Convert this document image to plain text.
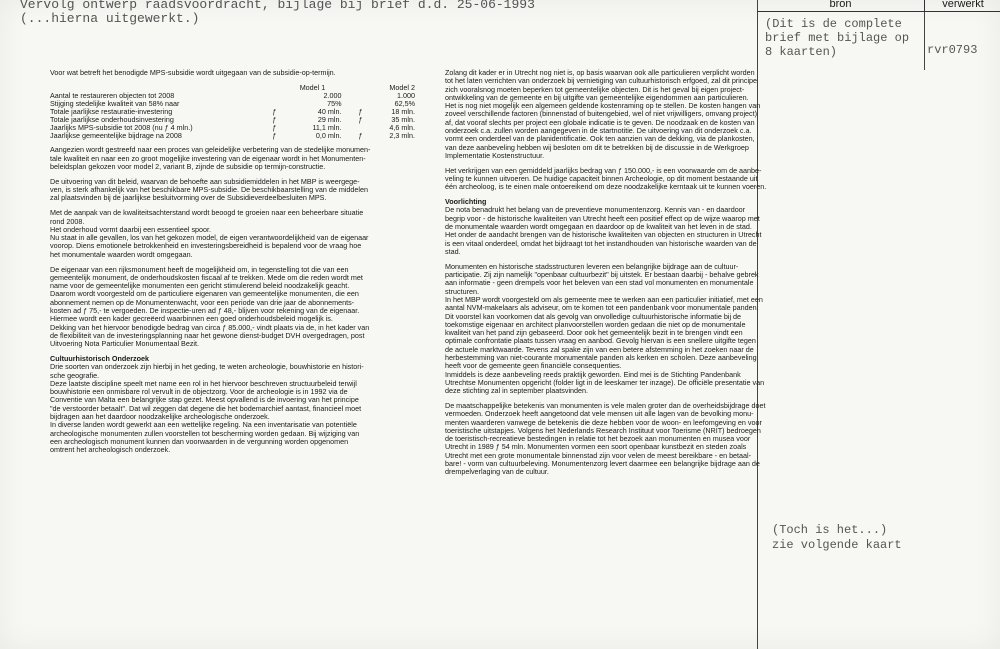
Vervolg ontwerp raadsvoordracht, bijlage bij brief d.d. 25-06-1993
(...hierna uitgewerkt.)
bron	verwerkt
(Dit is de complete
brief met bijlage op
8 kaarten)	rvr0793
(Toch is het...)
zie volgende kaart

Voor wat betreft het benodigde MPS-subsidie wordt uitgegaan van de subsidie-op-termijn.

		Model 1		Model 2
Aantal te restaureren objecten tot 2008		2.000		1.000
Stijging stedelijke kwaliteit van 58% naar		75%		62,5%
Totale jaarlijkse restauratie-investering	ƒ	40 mln.	ƒ	18 mln.
Totale jaarlijkse onderhoudsinvestering	ƒ	29 mln.	ƒ	35 mln.
Jaarlijks MPS-subsidie tot 2008 (nu ƒ 4 mln.)	ƒ	11,1 mln.		4,6 mln.
Jaarlijkse gemeentelijke bijdrage na 2008	ƒ	0,0 mln.	ƒ	2,3 mln.

Aangezien wordt gestreefd naar een proces van geleidelijke verbetering van de stedelijke monumen-
tale kwaliteit en naar een zo groot mogelijke investering van de eigenaar wordt in het Monumenten-
beleidsplan gekozen voor model 2, variant B, zijnde de subsidie op termijn-constructie.

De uitvoering van dit beleid, waarvan de behoefte aan subsidiemiddelen in het MBP is weergege-
ven, is sterk afhankelijk van het beschikbare MPS-subsidie. De beschikbaarstelling van de middelen
zal plaatsvinden bij de jaarlijkse besluitvorming over de Subsidieverdeelbesluiten MPS.

Met de aanpak van de kwaliteitsachterstand wordt beoogd te groeien naar een beheerbare situatie
rond 2008.
Het onderhoud vormt daarbij een essentieel spoor.
Nu staat in alle gevallen, los van het gekozen model, de eigen verantwoordelijkheid van de eigenaar
voorop. Diens emotionele betrokkenheid en investeringsbereidheid is bepalend voor de vraag hoe
het monumentale waarden wordt omgegaan.

De eigenaar van een rijksmonument heeft de mogelijkheid om, in tegenstelling tot die van een
gemeentelijk monument, de onderhoudskosten fiscaal af te trekken. Mede om die reden wordt met
name voor de gemeentelijke monumenten een gericht stimulerend beleid noodzakelijk geacht.
Daarom wordt voorgesteld om de particuliere eigenaren van gemeentelijke monumenten, die een
abonnement nemen op de Monumentenwacht, voor een periode van drie jaar de abonnements-
kosten ad ƒ 75,- te vergoeden. De inspectie-uren ad ƒ 48,- blijven voor rekening van de eigenaar.
Hiermee wordt een kader gecreëerd waarbinnen een goed onderhoudsbeleid mogelijk is.
Dekking van het hiervoor benodigde bedrag van circa ƒ 85.000,- vindt plaats via de, in het kader van
de flexibiliteit van de investeringsplanning naar het gewone dienst-budget DVH overgedragen, post
Uitvoering Nota Particulier Monumentaal Bezit.

Cultuurhistorisch Onderzoek

Drie soorten van onderzoek zijn hierbij in het geding, te weten archeologie, bouwhistorie en histori-
sche geografie.
Deze laatste discipline speelt met name een rol in het hiervoor beschreven structuurbeleid terwijl
bouwhistorie een onmisbare rol vervult in de objectzorg. Voor de archeologie is in 1992 via de
Conventie van Malta een belangrijke stap gezet. Meest opvallend is de invoering van het principe
"de verstoorder betaalt". Dat wil zeggen dat degene die het bodemarchief aantast, financieel moet
bijdragen aan het daardoor noodzakelijke archeologische onderzoek.
In diverse landen wordt gewerkt aan een wettelijke regeling. Na een inventarisatie van potentiële
archeologische monumenten zullen voorstellen tot bescherming worden gedaan. Bij wijziging van
een archeologisch monument kunnen dan voorwaarden in de vergunning worden opgenomen
omtrent het archeologisch onderzoek.

Zolang dit kader er in Utrecht nog niet is, op basis waarvan ook alle particulieren verplicht worden
tot het laten verrichten van onderzoek bij vernietiging van cultuurhistorisch erfgoed, zal dit principe
zich vooralsnog moeten beperken tot gemeentelijke objecten. Dit is het geval bij eigen project-
ontwikkeling van de gemeente en bij uitgifte van gemeentelijke eigendommen aan particulieren.
Het is nog niet mogelijk een algemeen geldende kostenraming op te stellen. De kosten hangen van
zoveel verschillende factoren (binnenstad of buitengebied, wel of niet vrijwilligers, omvang project)
af, dat vooraf slechts per project een globale indicatie is te geven. De noodzaak en de kosten van
onderzoek c.a. zullen worden aangegeven in de startnotitie. De uitvoering van dit onderzoek c.a.
vormt een onderdeel van de planidentificatie. Ook ten aanzien van de dekking, via de plankosten,
van deze aanbeveling hebben wij besloten om dit te betrekken bij de discussie in de Werkgroep
Implementatie Kostenstructuur.

Het verkrijgen van een gemiddeld jaarlijks bedrag van ƒ 150.000,- is een voorwaarde om de aanbe-
veling te kunnen uitvoeren. De huidige capaciteit binnen Archeologie, op dit moment bestaande uit
één archeoloog, is te einen male ontoereikend om deze noodzakelijke kerntaak uit te kunnen voeren.

Voorlichting

De nota benadrukt het belang van de preventieve monumentenzorg. Kennis van - en daardoor
begrip voor - de historische kwaliteiten van Utrecht heeft een positief effect op de wijze waarop met
de monumentale waarden wordt omgegaan en daardoor op de kwaliteit van het leven in de stad.
Het onder de aandacht brengen van de historische kwaliteiten van objecten en structuren in Utrecht
is een vitaal onderdeel, omdat het bijdraagt tot het instandhouden van historische waarden van de
stad.

Monumenten en historische stadsstructuren leveren een belangrijke bijdrage aan de cultuur-
participatie. Zij zijn namelijk "openbaar cultuurbezit" bij uitstek. Er bestaan daarbij - behalve gebrek
aan informatie - geen drempels voor het beleven van een stad vol monumenten en monumentale
structuren.
In het MBP wordt voorgesteld om als gemeente mee te werken aan een particulier initiatief, met een
aantal NVM-makelaars als adviseur, om te komen tot een pandenbank voor monumentale panden.
Dit voorstel kan voorkomen dat als gevolg van onvolledige cultuurhistorische informatie bij de
toekomstige eigenaar en architect planvoorstellen worden gedaan die niet op de monumentale
kwaliteit van het pand zijn gebaseerd. Door ook het gemeentelijk bezit in te brengen vindt een
optimale confrontatie plaats tussen vraag en aanbod. Gevolg hiervan is een snellere uitgifte tegen
de actuele marktwaarde. Tevens zal spake zijn van een betere afstemming in het zoeken naar de
herbestemming van niet-courante monumentale panden als kerken en scholen. Deze aanbeveling
heeft voor de gemeente geen financiële consequenties.
Inmiddels is deze aanbeveling reeds praktijk geworden. Eind mei is de Stichting Pandenbank
Utrechtse Monumenten opgericht (folder ligt in de leeskamer ter inzage). De officiële presentatie van
deze stichting zal in september plaatsvinden.

De maatschappelijke betekenis van monumenten is vele malen groter dan de overheidsbijdrage doet
vermoeden. Onderzoek heeft aangetoond dat vele mensen uit alle lagen van de bevolking monu-
menten waarderen vanwege de betekenis die deze hebben voor de woon- en leefomgeving en voor
toeristische uitstapjes. Volgens het Nederlands Research Instituut voor Toerisme (NRIT) bedroegen
de toeristisch-recreatieve bestedingen in relatie tot het bezoek aan monumenten en musea voor
Utrecht in 1989 ƒ 54 mln. Monumenten vormen een soort openbaar kunstbezit en steden zoals
Utrecht met een grote monumentale binnenstad zijn voor velen de meest bereikbare - en betaal-
bare! - vorm van cultuurbeleving. Monumentenzorg levert daarmee een belangrijke bijdrage aan de
drempelverlaging van de cultuur.
